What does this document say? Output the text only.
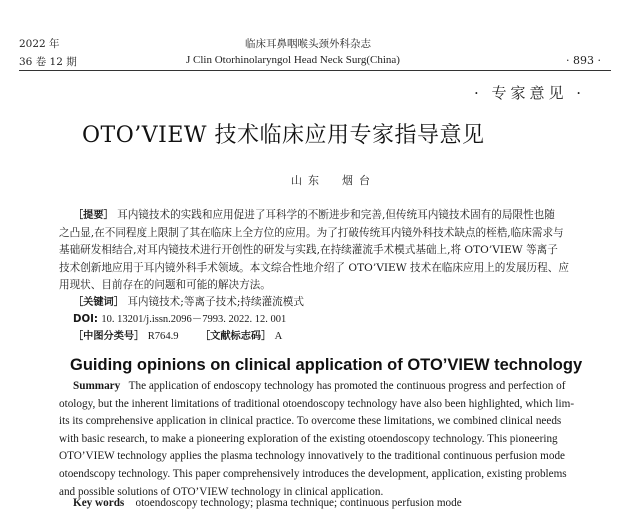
2022 年
36 卷 12 期
临床耳鼻咽喉头颈外科杂志
J Clin Otorhinolaryngol Head Neck Surg(China)	· 893 ·
· 专家意见 ·
OTO’VIEW 技术临床应用专家指导意见
山东　烟台
［提要］ 耳内镜技术的实践和应用促进了耳科学的不断进步和完善,但传统耳内镜技术固有的局限性也随
之凸显,在不同程度上限制了其在临床上全方位的应用。为了打破传统耳内镜外科技术缺点的桎梏,临床需求与
基础研发相结合,对耳内镜技术进行开创性的研发与实践,在持续灌流手术模式基础上,将 OTO’VIEW 等离子
技术创新地应用于耳内镜外科手术领域。本文综合性地介绍了 OTO’VIEW 技术在临床应用上的发展历程、应
用现状、目前存在的问题和可能的解决方法。
［关键词］ 耳内镜技术;等离子技术;持续灌流模式
DOI: 10. 13201/j.issn.2096－7993. 2022. 12. 001
［中图分类号］ R764.9 ［文献标志码］ A
Guiding opinions on clinical application of OTO’VIEW technology
Summary The application of endoscopy technology has promoted the continuous progress and perfection of
otology, but the inherent limitations of traditional otoendoscopy technology have also been highlighted, which lim-
its its comprehensive application in clinical practice. To overcome these limitations, we combined clinical needs
with basic research, to make a pioneering exploration of the existing otoendoscopy technology. This pioneering
OTO’VIEW technology applies the plasma technology innovatively to the traditional continuous perfusion mode
otoendscopy technology. This paper comprehensively introduces the development, application, existing problems
and possible solutions of OTO’VIEW technology in clinical application.
Key words otoendoscopy technology; plasma technique; continuous perfusion mode
